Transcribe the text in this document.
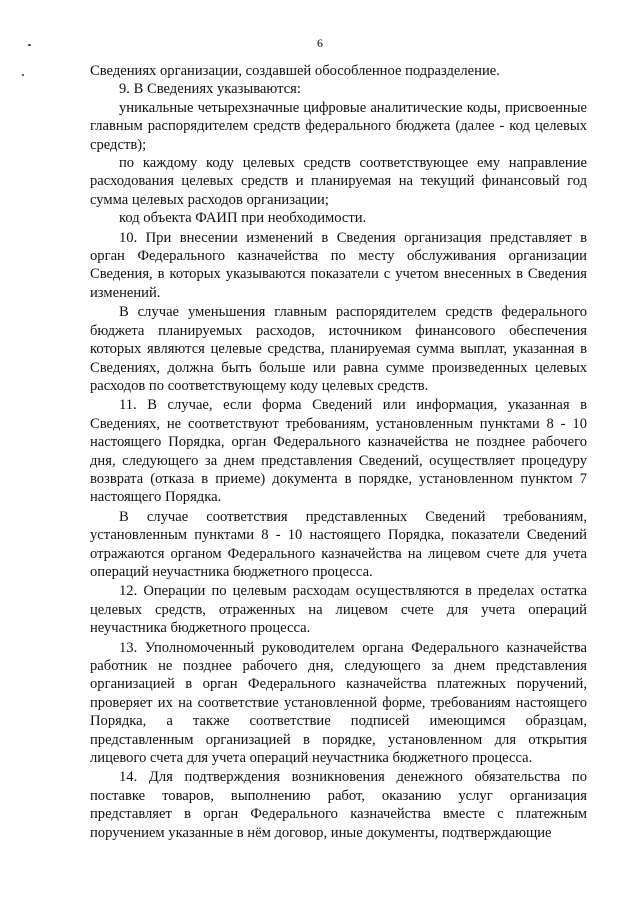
6

Сведениях организации, создавшей обособленное подразделение.

9. В Сведениях указываются:

уникальные четырехзначные цифровые аналитические коды, присвоенные главным распорядителем средств федерального бюджета (далее - код целевых средств);

по каждому коду целевых средств соответствующее ему направление расходования целевых средств и планируемая на текущий финансовый год сумма целевых расходов организации;

код объекта ФАИП при необходимости.

10. При внесении изменений в Сведения организация представляет в орган Федерального казначейства по месту обслуживания организации Сведения, в которых указываются показатели с учетом внесенных в Сведения изменений.

В случае уменьшения главным распорядителем средств федерального бюджета планируемых расходов, источником финансового обеспечения которых являются целевые средства, планируемая сумма выплат, указанная в Сведениях, должна быть больше или равна сумме произведенных целевых расходов по соответствующему коду целевых средств.

11. В случае, если форма Сведений или информация, указанная в Сведениях, не соответствуют требованиям, установленным пунктами 8 - 10 настоящего Порядка, орган Федерального казначейства не позднее рабочего дня, следующего за днем представления Сведений, осуществляет процедуру возврата (отказа в приеме) документа в порядке, установленном пунктом 7 настоящего Порядка.

В случае соответствия представленных Сведений требованиям, установленным пунктами 8 - 10 настоящего Порядка, показатели Сведений отражаются органом Федерального казначейства на лицевом счете для учета операций неучастника бюджетного процесса.

12. Операции по целевым расходам осуществляются в пределах остатка целевых средств, отраженных на лицевом счете для учета операций неучастника бюджетного процесса.

13. Уполномоченный руководителем органа Федерального казначейства работник не позднее рабочего дня, следующего за днем представления организацией в орган Федерального казначейства платежных поручений, проверяет их на соответствие установленной форме, требованиям настоящего Порядка, а также соответствие подписей имеющимся образцам, представленным организацией в порядке, установленном для открытия лицевого счета для учета операций неучастника бюджетного процесса.

14. Для подтверждения возникновения денежного обязательства по поставке товаров, выполнению работ, оказанию услуг организация представляет в орган Федерального казначейства вместе с платежным поручением указанные в нём договор, иные документы, подтверждающие
